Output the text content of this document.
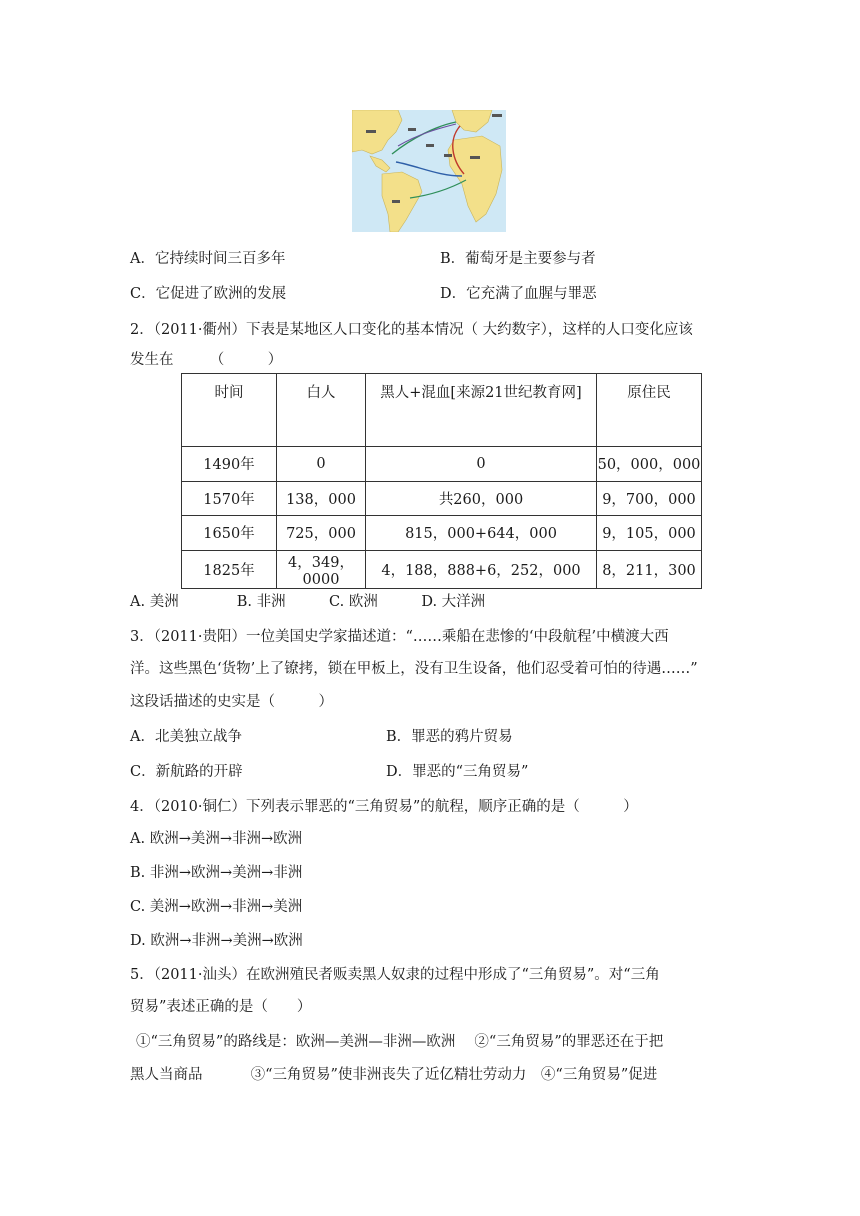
A．它持续时间三百多年	B．葡萄牙是主要参与者
C．它促进了欧洲的发展	D．它充满了血腥与罪恶
2．（2011·衢州）下表是某地区人口变化的基本情况（ 大约数字），这样的人口变化应该
发生在　　　（　　　）
时间	白人	黑人+混血[来源21世纪教育网]	原住民
1490年	0	0	50，000，000
1570年	138，000	共260，000	9，700，000
1650年	725，000	815，000+644，000	9，105，000
1825年	4，349，0000	4，188，888+6，252，000	8，211，300
A. 美洲　　　　B. 非洲　　　C. 欧洲　　　D. 大洋洲
3．（2011·贵阳）一位美国史学家描述道：“……乘船在悲惨的‘中段航程’中横渡大西
洋。这些黑色‘货物’上了镣拷，锁在甲板上，没有卫生设备，他们忍受着可怕的待遇……”
这段话描述的史实是（　　　）
A．北美独立战争	B．罪恶的鸦片贸易
C．新航路的开辟	D．罪恶的“三角贸易”
4．（2010·铜仁）下列表示罪恶的“三角贸易”的航程，顺序正确的是（　　　）
A. 欧洲→美洲→非洲→欧洲
B. 非洲→欧洲→美洲→非洲
C. 美洲→欧洲→非洲→美洲
D. 欧洲→非洲→美洲→欧洲
5．（2011·汕头）在欧洲殖民者贩卖黑人奴隶的过程中形成了“三角贸易”。对“三角
贸易”表述正确的是（　　）
①“三角贸易”的路线是：欧洲—美洲—非洲—欧洲　 ②“三角贸易”的罪恶还在于把
黑人当商品　　　 ③“三角贸易”使非洲丧失了近亿精壮劳动力　④“三角贸易”促进
